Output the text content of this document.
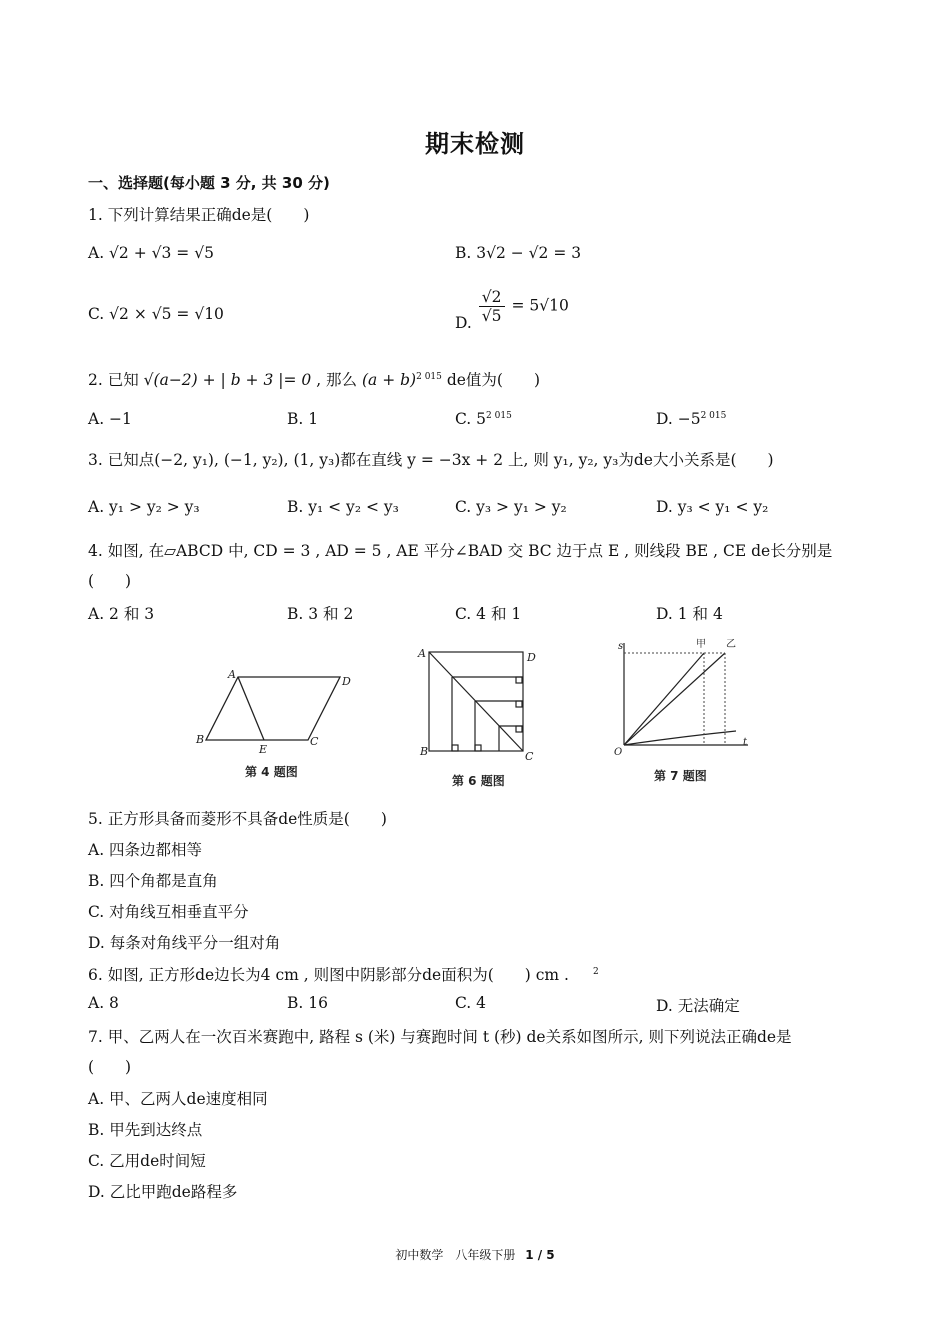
期末检测
一、选择题(每小题 3 分, 共 30 分)
1. 下列计算结果正确de是(　　)
A. √2 + √3 = √5	B. 3√2 − √2 = 3
C. √2 × √5 = √10	D. $\frac{√2}{√5} = 5√10$
2. 已知 √(a−2) + | b + 3 |= 0 , 那么 $(a + b)^{2 015}$ de值为(　　)
A. −1	B. 1	C. $5^{2 015}$	D. $-5^{2 015}$
3. 已知点(−2, y₁), (−1, y₂), (1, y₃)都在直线 y = −3x + 2 上, 则 y₁, y₂, y₃为de大小关系是(　　)
A. y₁ > y₂ > y₃	B. y₁ < y₂ < y₃	C. y₃ > y₁ > y₂	D. y₃ < y₁ < y₂
4. 如图, 在▱ABCD 中, CD = 3 , AD = 5 , AE 平分∠BAD 交 BC 边于点 E , 则线段 BE , CE de长分别是
(　　)
A. 2 和 3	B. 3 和 2	C. 4 和 1	D. 1 和 4
A
D
B
E
C
第 4 题图
A	D
B	C
第 6 题图
s
t
O
甲 乙
第 7 题图
5. 正方形具备而菱形不具备de性质是(　　)
A. 四条边都相等
B. 四个角都是直角
C. 对角线互相垂直平分
D. 每条对角线平分一组对角
6. 如图, 正方形de边长为4 cm , 则图中阴影部分de面积为(　　) cm .	$^2$
A. 8	B. 16	C. 4	D. 无法确定
7. 甲、乙两人在一次百米赛跑中, 路程 s (米) 与赛跑时间 t (秒) de关系如图所示, 则下列说法正确de是
(　　)
A. 甲、乙两人de速度相同
B. 甲先到达终点
C. 乙用de时间短
D. 乙比甲跑de路程多
初中数学　八年级下册 1 / 5
